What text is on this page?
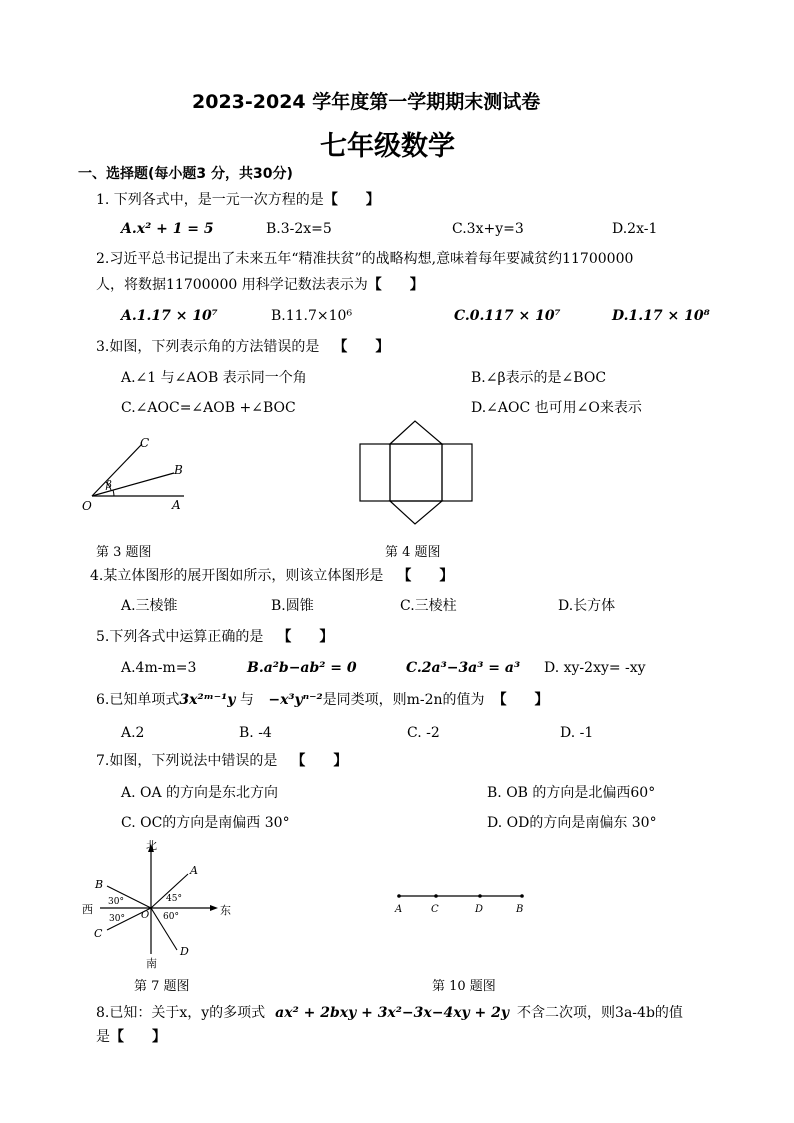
2023-2024 学年度第一学期期末测试卷
七年级数学
一、选择题(每小题3 分，共30分)
1. 下列各式中，是一元一次方程的是【　　】
A.x² + 1 = 5	B.3-2x=5	C.3x+y=3	D.2x-1
2.习近平总书记提出了未来五年“精准扶贫”的战略构想,意味着每年要减贫约11700000
人，将数据11700000 用科学记数法表示为【　　】
A.1.17 × 10⁷	B.11.7×10⁶	C.0.117 × 10⁷	D.1.17 × 10⁸
3.如图，下列表示角的方法错误的是 【　　】
A.∠1 与∠AOB 表示同一个角	B.∠β表示的是∠BOC
C.∠AOC=∠AOB +∠BOC	D.∠AOC 也可用∠O来表示
C
B
O	A
β
第 3 题图	第 4 题图
4.某立体图形的展开图如所示，则该立体图形是 【　　】
A.三棱锥	B.圆锥	C.三棱柱	D.长方体
5.下列各式中运算正确的是 【　　】
A.4m-m=3	B.a²b−ab² = 0	C.2a³−3a³ = a³ D. xy-2xy= -xy
6.已知单项式3x²ᵐ⁻¹y 与 −x³yⁿ⁻²是同类项，则m-2n的值为 【　　】
A.2	B. -4	C. -2	D. -1
7.如图，下列说法中错误的是 【　　】
A. OA 的方向是东北方向	B. OB 的方向是北偏西60°
C. OC的方向是南偏西 30°	D. OD的方向是南偏东 30°
北
南
东
西
A
B
C
D
O
30°
30°
45°
60°
第 7 题图
A	C	D	B
第 10 题图
8.已知：关于x，y的多项式 ax² + 2bxy + 3x²−3x−4xy + 2y 不含二次项，则3a-4b的值
是【　　】
